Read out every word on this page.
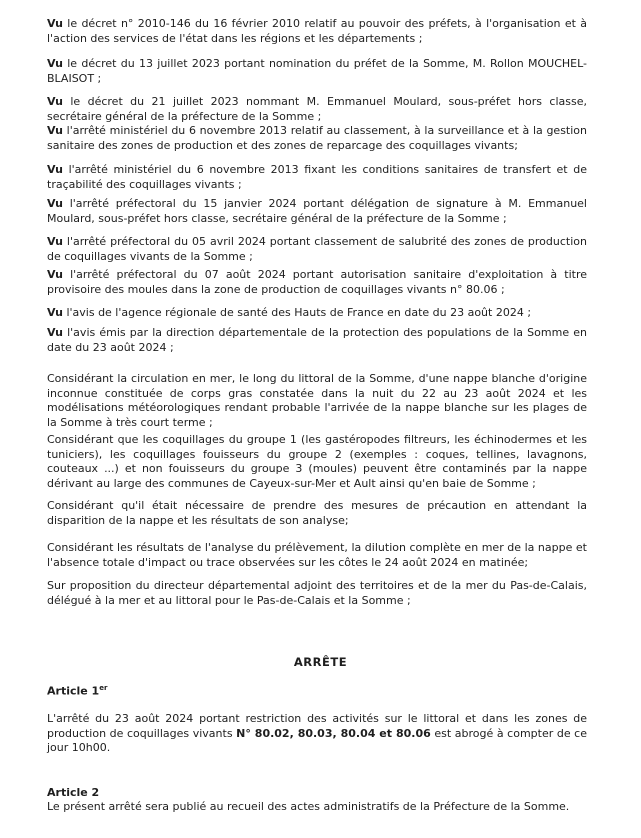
Vu le décret n° 2010-146 du 16 février 2010 relatif au pouvoir des préfets, à l'organisation et à l'action des services de l'état dans les régions et les départements ;

Vu le décret du 13 juillet 2023 portant nomination du préfet de la Somme, M. Rollon MOUCHEL-BLAISOT ;

Vu le décret du 21 juillet 2023 nommant M. Emmanuel Moulard, sous-préfet hors classe, secrétaire général de la préfecture de la Somme ;

Vu l'arrêté ministériel du 6 novembre 2013 relatif au classement, à la surveillance et à la gestion sanitaire des zones de production et des zones de reparcage des coquillages vivants;

Vu l'arrêté ministériel du 6 novembre 2013 fixant les conditions sanitaires de transfert et de traçabilité des coquillages vivants ;

Vu l'arrêté préfectoral du 15 janvier 2024 portant délégation de signature à M. Emmanuel Moulard, sous-préfet hors classe, secrétaire général de la préfecture de la Somme ;

Vu l'arrêté préfectoral du 05 avril 2024 portant classement de salubrité des zones de production de coquillages vivants de la Somme ;

Vu l'arrêté préfectoral du 07 août 2024 portant autorisation sanitaire d'exploitation à titre provisoire des moules dans la zone de production de coquillages vivants n° 80.06 ;

Vu l'avis de l'agence régionale de santé des Hauts de France en date du 23 août 2024 ;

Vu l'avis émis par la direction départementale de la protection des populations de la Somme en date du 23 août 2024 ;

Considérant la circulation en mer, le long du littoral de la Somme, d'une nappe blanche d'origine inconnue constituée de corps gras constatée dans la nuit du 22 au 23 août 2024 et les modélisations météorologiques rendant probable l'arrivée de la nappe blanche sur les plages de la Somme à très court terme ;

Considérant que les coquillages du groupe 1 (les gastéropodes filtreurs, les échinodermes et les tuniciers), les coquillages fouisseurs du groupe 2 (exemples : coques, tellines, lavagnons, couteaux ...) et non fouisseurs du groupe 3 (moules) peuvent être contaminés par la nappe dérivant au large des communes de Cayeux-sur-Mer et Ault ainsi qu'en baie de Somme ;

Considérant qu'il était nécessaire de prendre des mesures de précaution en attendant la disparition de la nappe et les résultats de son analyse;

Considérant les résultats de l'analyse du prélèvement, la dilution complète en mer de la nappe et l'absence totale d'impact ou trace observées sur les côtes le 24 août 2024 en matinée;

Sur proposition du directeur départemental adjoint des territoires et de la mer du Pas-de-Calais, délégué à la mer et au littoral pour le Pas-de-Calais et la Somme ;

ARRÊTE
Article 1er

L'arrêté du 23 août 2024 portant restriction des activités sur le littoral et dans les zones de production de coquillages vivants N° 80.02, 80.03, 80.04 et 80.06 est abrogé à compter de ce jour 10h00.

Article 2

Le présent arrêté sera publié au recueil des actes administratifs de la Préfecture de la Somme.
